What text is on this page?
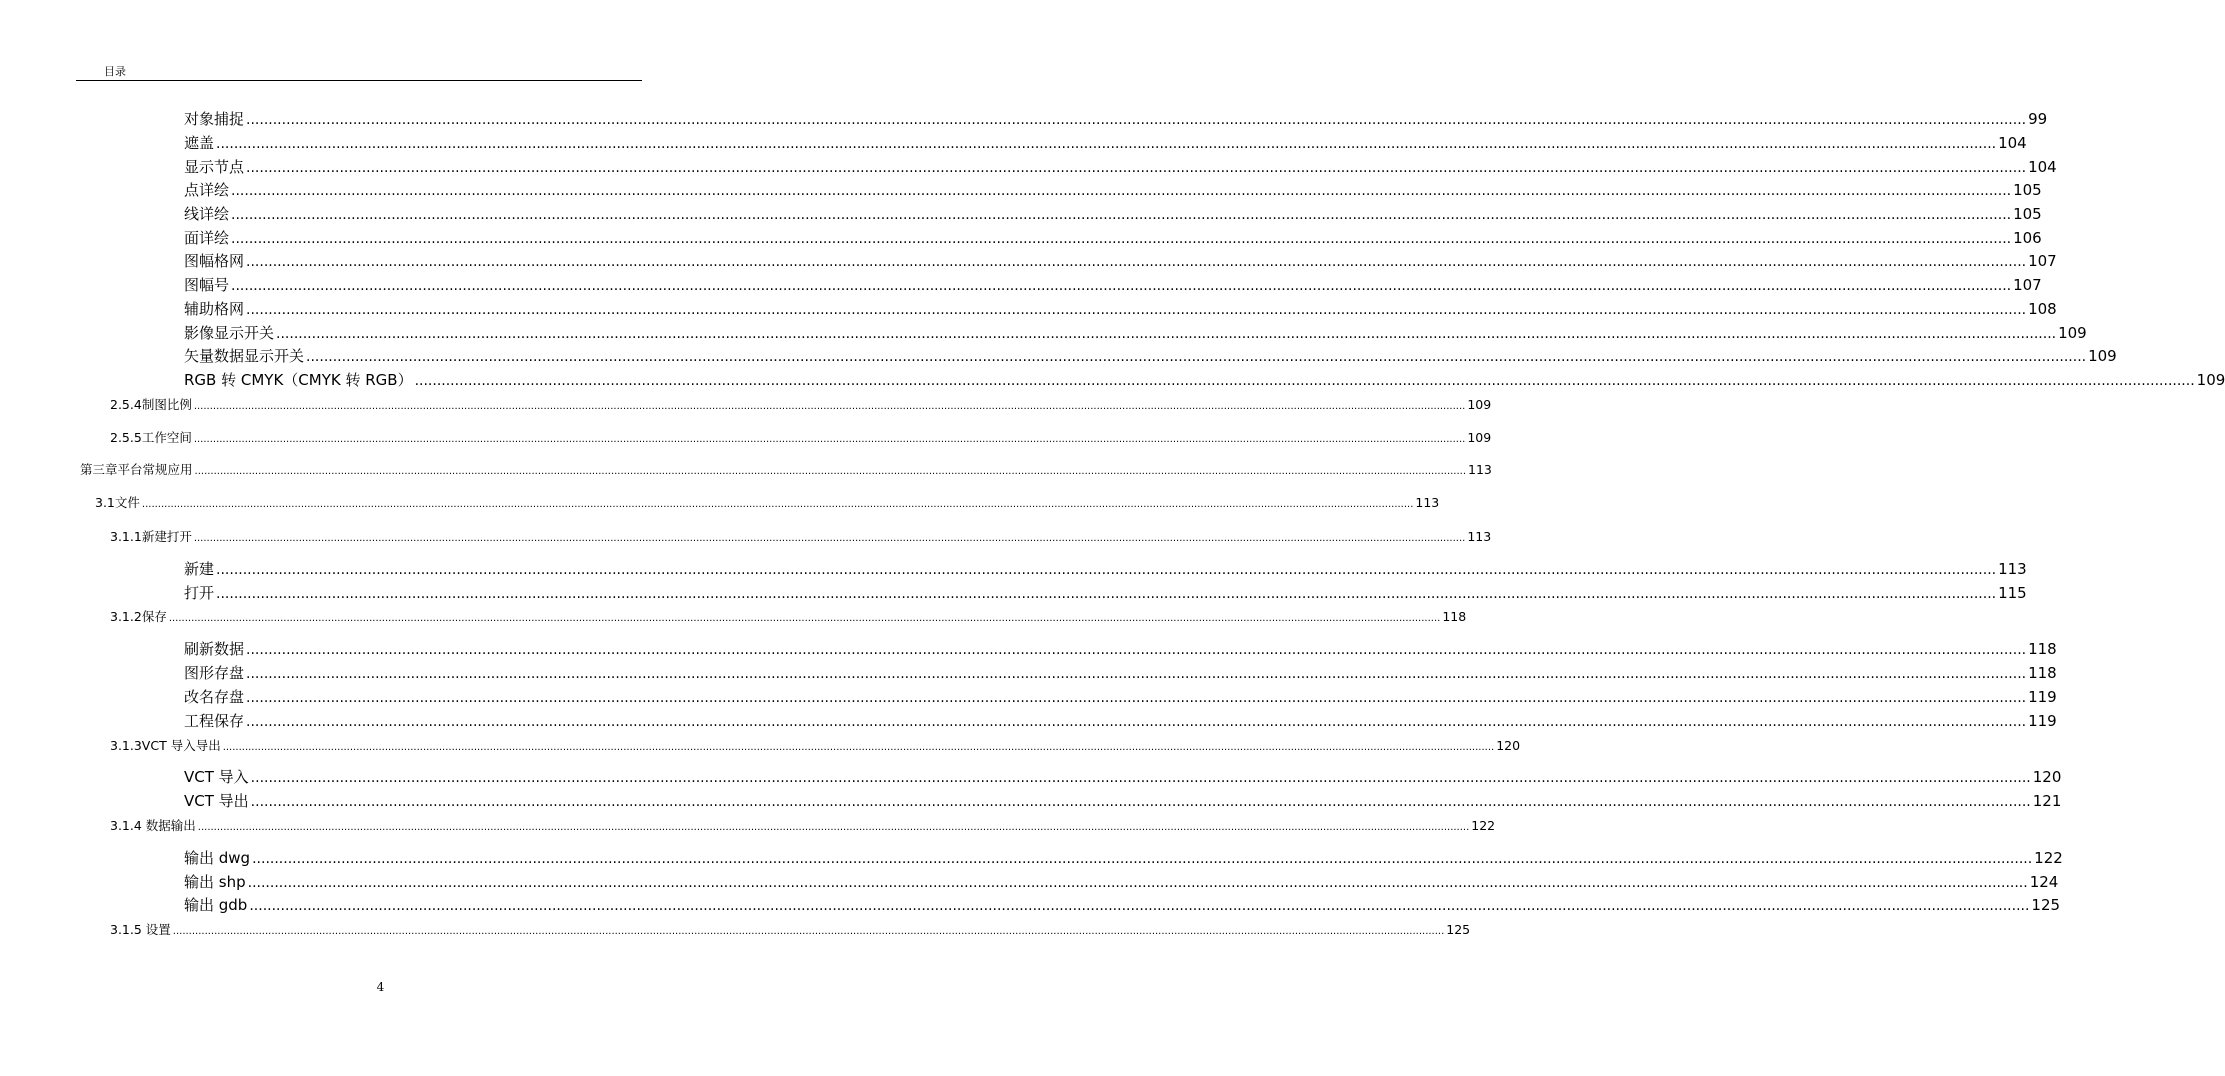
目录
对象捕捉 ................................................................................................................................................................................................................................................................................................................................................................................................................ 99
遮盖 ................................................................................................................................................................................................................................................................................................................................................................................................................ 104
显示节点 ................................................................................................................................................................................................................................................................................................................................................................................................................ 104
点详绘 ................................................................................................................................................................................................................................................................................................................................................................................................................ 105
线详绘 ................................................................................................................................................................................................................................................................................................................................................................................................................ 105
面详绘 ................................................................................................................................................................................................................................................................................................................................................................................................................ 106
图幅格网 ................................................................................................................................................................................................................................................................................................................................................................................................................ 107
图幅号 ................................................................................................................................................................................................................................................................................................................................................................................................................ 107
辅助格网 ................................................................................................................................................................................................................................................................................................................................................................................................................ 108
影像显示开关 ................................................................................................................................................................................................................................................................................................................................................................................................................ 109
矢量数据显示开关 ................................................................................................................................................................................................................................................................................................................................................................................................................ 109
RGB 转 CMYK（CMYK 转 RGB） ................................................................................................................................................................................................................................................................................................................................................................................................................ 109
2.5.4 制图比例 ................................................................................................................................................................................................................................................................................................................................................................................................................ 109
2.5.5 工作空间 ................................................................................................................................................................................................................................................................................................................................................................................................................ 109
第三章 平台常规应用 ................................................................................................................................................................................................................................................................................................................................................................................................................ 113
3.1 文件 ................................................................................................................................................................................................................................................................................................................................................................................................................ 113
3.1.1 新建打开 ................................................................................................................................................................................................................................................................................................................................................................................................................ 113
新建 ................................................................................................................................................................................................................................................................................................................................................................................................................ 113
打开 ................................................................................................................................................................................................................................................................................................................................................................................................................ 115
3.1.2 保存 ................................................................................................................................................................................................................................................................................................................................................................................................................ 118
刷新数据 ................................................................................................................................................................................................................................................................................................................................................................................................................ 118
图形存盘 ................................................................................................................................................................................................................................................................................................................................................................................................................ 118
改名存盘 ................................................................................................................................................................................................................................................................................................................................................................................................................ 119
工程保存 ................................................................................................................................................................................................................................................................................................................................................................................................................ 119
3.1.3VCT 导入导出 ................................................................................................................................................................................................................................................................................................................................................................................................................ 120
VCT 导入 ................................................................................................................................................................................................................................................................................................................................................................................................................ 120
VCT 导出 ................................................................................................................................................................................................................................................................................................................................................................................................................ 121
3.1.4 数据输出 ................................................................................................................................................................................................................................................................................................................................................................................................................ 122
输出 dwg ................................................................................................................................................................................................................................................................................................................................................................................................................ 122
输出 shp ................................................................................................................................................................................................................................................................................................................................................................................................................ 124
输出 gdb ................................................................................................................................................................................................................................................................................................................................................................................................................ 125
3.1.5 设置 ................................................................................................................................................................................................................................................................................................................................................................................................................ 125
4
